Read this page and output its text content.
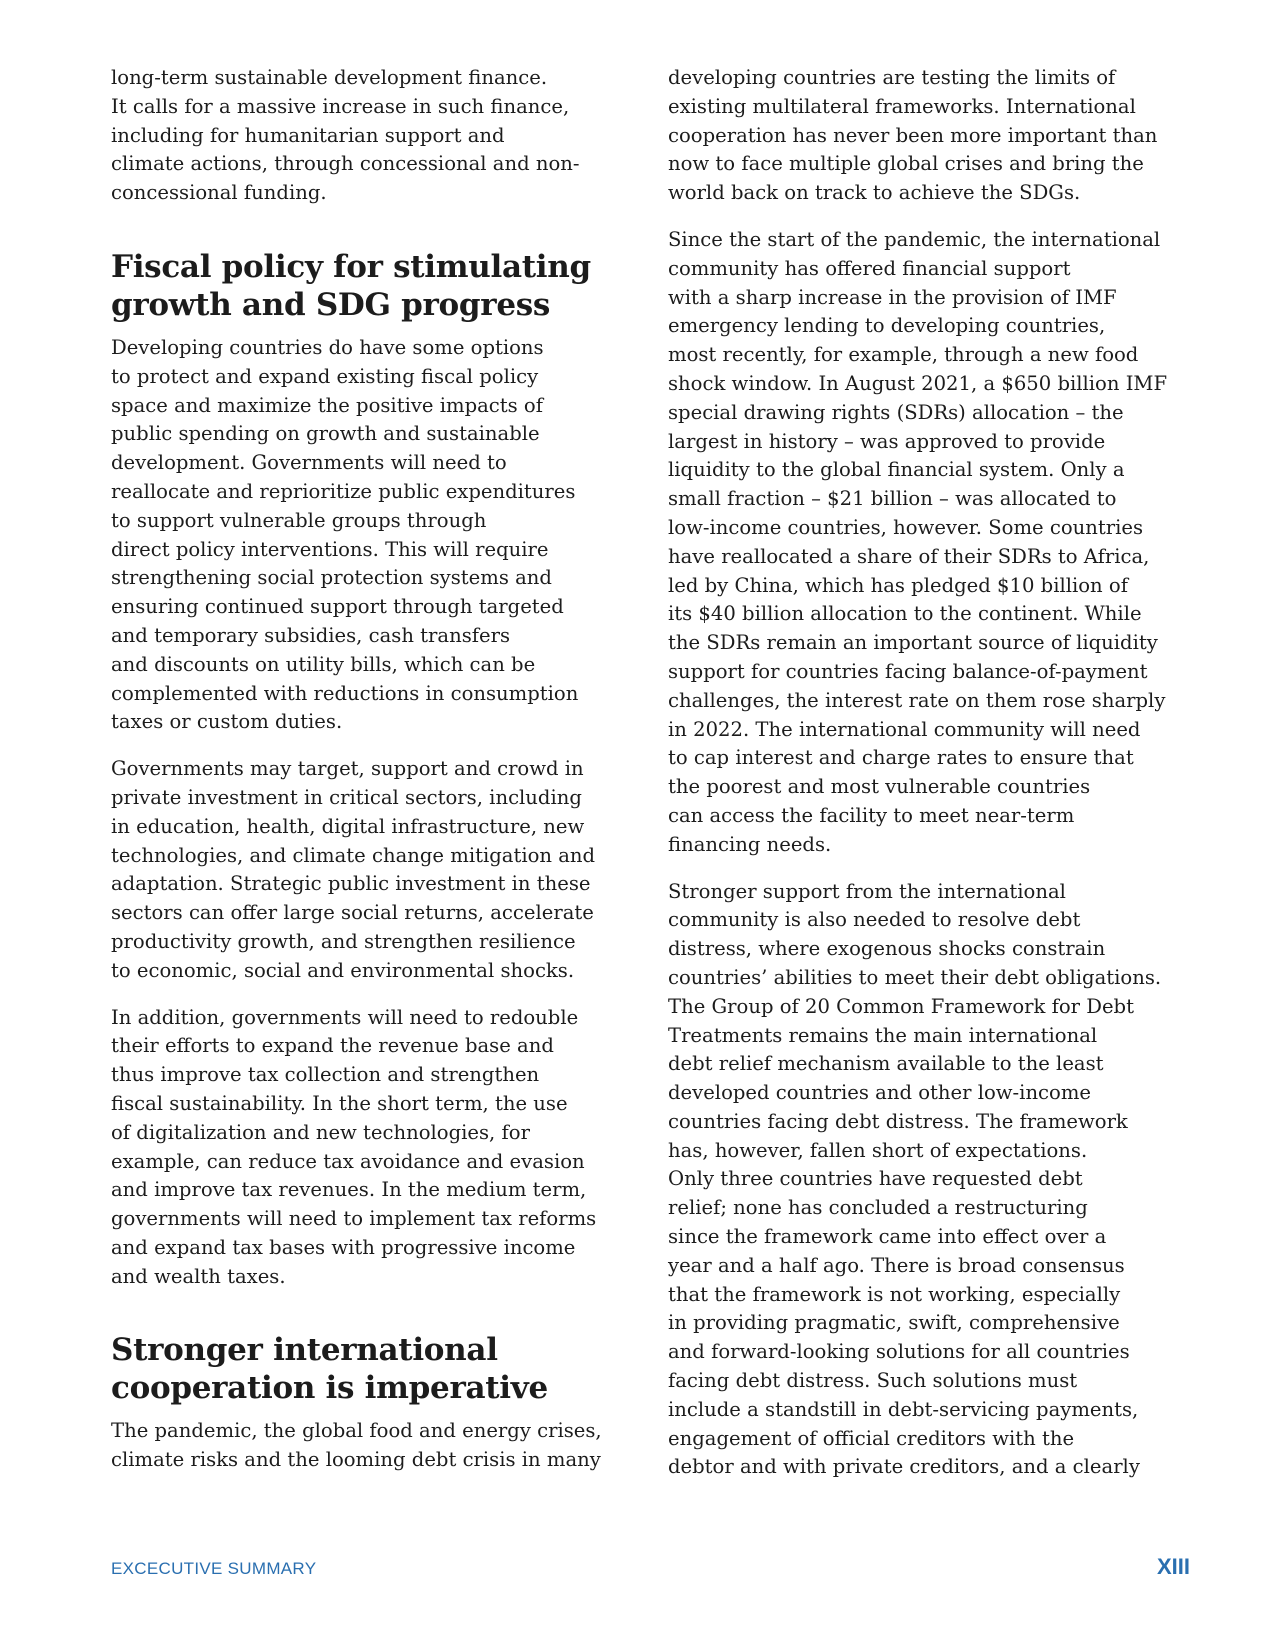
long-term sustainable development finance.
It calls for a massive increase in such finance,
including for humanitarian support and
climate actions, through concessional and non-
concessional funding.

Fiscal policy for stimulating
growth and SDG progress

Developing countries do have some options
to protect and expand existing fiscal policy
space and maximize the positive impacts of
public spending on growth and sustainable
development. Governments will need to
reallocate and reprioritize public expenditures
to support vulnerable groups through
direct policy interventions. This will require
strengthening social protection systems and
ensuring continued support through targeted
and temporary subsidies, cash transfers
and discounts on utility bills, which can be
complemented with reductions in consumption
taxes or custom duties.

Governments may target, support and crowd in
private investment in critical sectors, including
in education, health, digital infrastructure, new
technologies, and climate change mitigation and
adaptation. Strategic public investment in these
sectors can offer large social returns, accelerate
productivity growth, and strengthen resilience
to economic, social and environmental shocks.

In addition, governments will need to redouble
their efforts to expand the revenue base and
thus improve tax collection and strengthen
fiscal sustainability. In the short term, the use
of digitalization and new technologies, for
example, can reduce tax avoidance and evasion
and improve tax revenues. In the medium term,
governments will need to implement tax reforms
and expand tax bases with progressive income
and wealth taxes.

Stronger international
cooperation is imperative

The pandemic, the global food and energy crises,
climate risks and the looming debt crisis in many

developing countries are testing the limits of
existing multilateral frameworks. International
cooperation has never been more important than
now to face multiple global crises and bring the
world back on track to achieve the SDGs.

Since the start of the pandemic, the international
community has offered financial support
with a sharp increase in the provision of IMF
emergency lending to developing countries,
most recently, for example, through a new food
shock window. In August 2021, a $650 billion IMF
special drawing rights (SDRs) allocation – the
largest in history – was approved to provide
liquidity to the global financial system. Only a
small fraction – $21 billion – was allocated to
low-income countries, however. Some countries
have reallocated a share of their SDRs to Africa,
led by China, which has pledged $10 billion of
its $40 billion allocation to the continent. While
the SDRs remain an important source of liquidity
support for countries facing balance-of-payment
challenges, the interest rate on them rose sharply
in 2022. The international community will need
to cap interest and charge rates to ensure that
the poorest and most vulnerable countries
can access the facility to meet near-term
financing needs.

Stronger support from the international
community is also needed to resolve debt
distress, where exogenous shocks constrain
countries’ abilities to meet their debt obligations.
The Group of 20 Common Framework for Debt
Treatments remains the main international
debt relief mechanism available to the least
developed countries and other low-income
countries facing debt distress. The framework
has, however, fallen short of expectations.
Only three countries have requested debt
relief; none has concluded a restructuring
since the framework came into effect over a
year and a half ago. There is broad consensus
that the framework is not working, especially
in providing pragmatic, swift, comprehensive
and forward-looking solutions for all countries
facing debt distress. Such solutions must
include a standstill in debt-servicing payments,
engagement of official creditors with the
debtor and with private creditors, and a clearly

EXCECUTIVE SUMMARY	XIII
